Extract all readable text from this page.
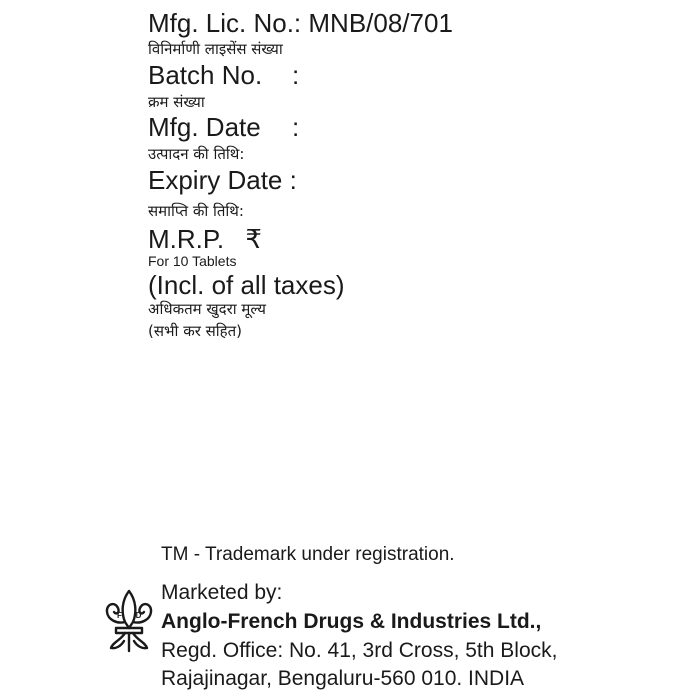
Mfg. Lic. No.: MNB/08/701
विनिर्माणी लाइसेंस संख्या
Batch No. :
क्रम संख्या
Mfg. Date :
उत्पादन की तिथि:
Expiry Date :
समाप्ति की तिथि:
M.R.P. ₹
For 10 Tablets
(Incl. of all taxes)
अधिकतम खुदरा मूल्य
(सभी कर सहित)
TM - Trademark under registration.
Marketed by:
Anglo-French Drugs & Industries Ltd.,
Regd. Office: No. 41, 3rd Cross, 5th Block,
Rajajinagar, Bengaluru-560 010. INDIA
F D
